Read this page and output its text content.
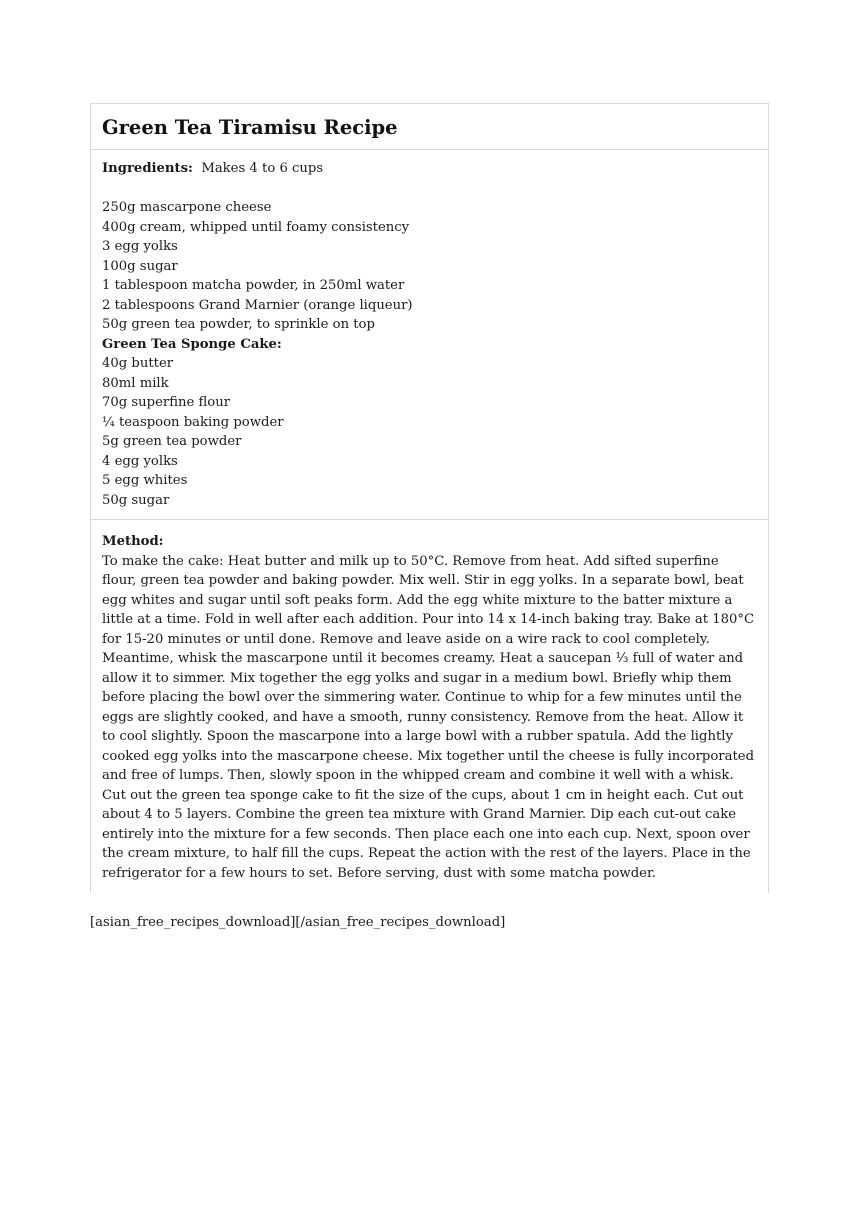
Green Tea Tiramisu Recipe
Ingredients: Makes 4 to 6 cups
250g mascarpone cheese
400g cream, whipped until foamy consistency
3 egg yolks
100g sugar
1 tablespoon matcha powder, in 250ml water
2 tablespoons Grand Marnier (orange liqueur)
50g green tea powder, to sprinkle on top
Green Tea Sponge Cake:
40g butter
80ml milk
70g superfine flour
¼ teaspoon baking powder
5g green tea powder
4 egg yolks
5 egg whites
50g sugar
Method:

To make the cake: Heat butter and milk up to 50°C. Remove from heat. Add sifted superfine flour, green tea powder and baking powder. Mix well. Stir in egg yolks. In a separate bowl, beat egg whites and sugar until soft peaks form. Add the egg white mixture to the batter mixture a little at a time. Fold in well after each addition. Pour into 14 x 14-inch baking tray. Bake at 180°C for 15-20 minutes or until done. Remove and leave aside on a wire rack to cool completely. Meantime, whisk the mascarpone until it becomes creamy. Heat a saucepan ⅓ full of water and allow it to simmer. Mix together the egg yolks and sugar in a medium bowl. Briefly whip them before placing the bowl over the simmering water. Continue to whip for a few minutes until the eggs are slightly cooked, and have a smooth, runny consistency. Remove from the heat. Allow it to cool slightly. Spoon the mascarpone into a large bowl with a rubber spatula. Add the lightly cooked egg yolks into the mascarpone cheese. Mix together until the cheese is fully incorporated and free of lumps. Then, slowly spoon in the whipped cream and combine it well with a whisk. Cut out the green tea sponge cake to fit the size of the cups, about 1 cm in height each. Cut out about 4 to 5 layers. Combine the green tea mixture with Grand Marnier. Dip each cut-out cake entirely into the mixture for a few seconds. Then place each one into each cup. Next, spoon over the cream mixture, to half fill the cups. Repeat the action with the rest of the layers. Place in the refrigerator for a few hours to set. Before serving, dust with some matcha powder.

[asian_free_recipes_download][/asian_free_recipes_download]
